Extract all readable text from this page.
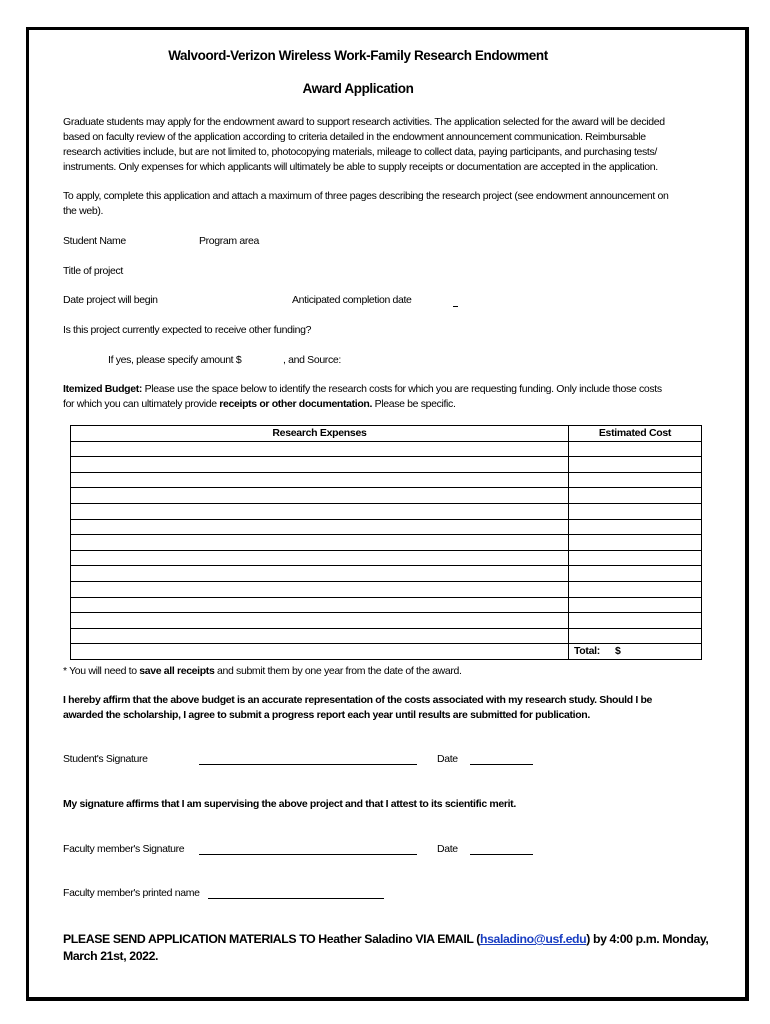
Walvoord-Verizon Wireless Work-Family Research Endowment
Award Application
Graduate students may apply for the endowment award to support research activities. The application selected for the award will be decided
based on faculty review of the application according to criteria detailed in the endowment announcement communication. Reimbursable
research activities include, but are not limited to, photocopying materials, mileage to collect data, paying participants, and purchasing tests/
instruments. Only expenses for which applicants will ultimately be able to supply receipts or documentation are accepted in the application.
To apply, complete this application and attach a maximum of three pages describing the research project (see endowment announcement on
the web).
Student Name	Program area
Title of project
Date project will begin	Anticipated completion date
Is this project currently expected to receive other funding?
If yes, please specify amount $	, and Source:
Itemized Budget: Please use the space below to identify the research costs for which you are requesting funding. Only include those costs
for which you can ultimately provide receipts or other documentation. Please be specific.
Research Expenses	Estimated Cost

	Total: $
* You will need to save all receipts and submit them by one year from the date of the award.
I hereby affirm that the above budget is an accurate representation of the costs associated with my research study. Should I be
awarded the scholarship, I agree to submit a progress report each year until results are submitted for publication.
Student's Signature	Date
My signature affirms that I am supervising the above project and that I attest to its scientific merit.
Faculty member's Signature	Date
Faculty member's printed name
PLEASE SEND APPLICATION MATERIALS TO Heather Saladino VIA EMAIL (hsaladino@usf.edu) by 4:00 p.m. Monday,
March 21st, 2022.
